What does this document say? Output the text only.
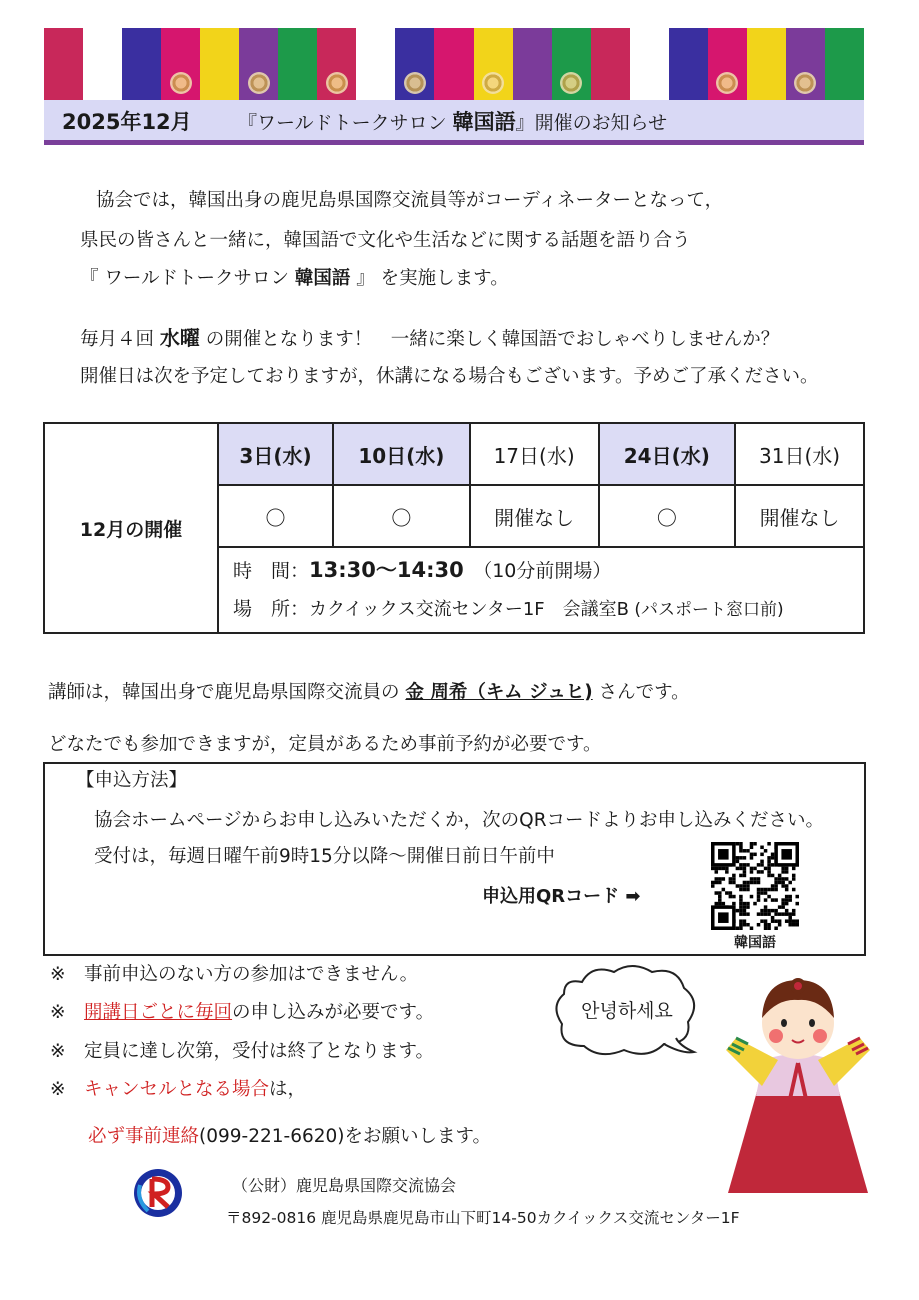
2025年12月 『ワールドトークサロン 韓国語』開催のお知らせ
協会では，韓国出身の鹿児島県国際交流員等がコーディネーターとなって，
県民の皆さんと一緒に，韓国語で文化や生活などに関する話題を語り合う
『 ワールドトークサロン 韓国語 』 を実施します。
毎月４回 水曜 の開催となります！　一緒に楽しく韓国語でおしゃべりしませんか？
開催日は次を予定しておりますが，休講になる場合もございます。予めご了承ください。
12月の開催	3日(水)	10日(水)	17日(水)	24日(水)	31日(水)
	〇	〇	開催なし	〇	開催なし

	時　間：13:30〜14:30　（10分前開場）
場　所：カクイックス交流センター1F　会議室B (パスポート窓口前)				
講師は，韓国出身で鹿児島県国際交流員の 金 周希（キム ジュヒ) さんです。
どなたでも参加できますが，定員があるため事前予約が必要です。
【申込方法】
協会ホームページからお申し込みいただくか，次のQRコードよりお申し込みください。
受付は，毎週日曜午前9時15分以降〜開催日前日午前中
申込用QRコード ➡
韓国語
※　 事前申込のない方の参加はできません。
※　 開講日ごとに毎回の申し込みが必要です。
※　 定員に達し次第，受付は終了となります。
※　 キャンセルとなる場合は，
必ず事前連絡(099-221-6620)をお願いします。
안녕하세요
（公財）鹿児島県国際交流協会
〒892-0816 鹿児島県鹿児島市山下町14-50カクイックス交流センター1F
